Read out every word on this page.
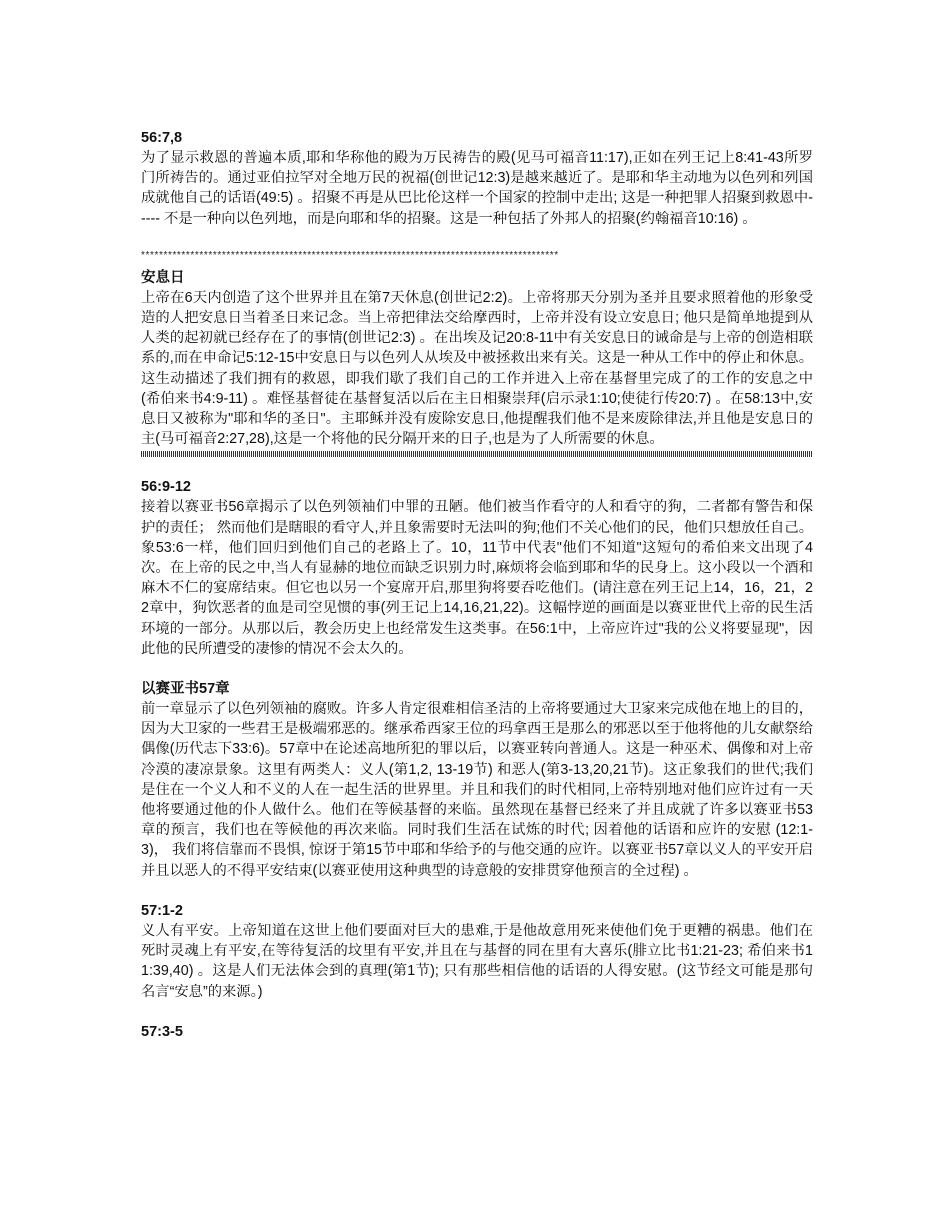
56:7,8

为了显示救恩的普遍本质,耶和华称他的殿为万民祷告的殿(见马可福音11:17),正如在列王记上8:41-43所罗门所祷告的。通过亚伯拉罕对全地万民的祝福(创世记12:3)是越来越近了。是耶和华主动地为以色列和列国成就他自己的话语(49:5) 。招聚不再是从巴比伦这样一个国家的控制中走出; 这是一种把罪人招聚到救恩中----- 不是一种向以色列地，而是向耶和华的招聚。这是一种包括了外邦人的招聚(约翰福音10:16) 。

*********************************************************************************************

安息日

上帝在6天内创造了这个世界并且在第7天休息(创世记2:2)。上帝将那天分别为圣并且要求照着他的形象受造的人把安息日当着圣日来记念。当上帝把律法交给摩西时，上帝并没有设立安息日; 他只是简单地提到从人类的起初就已经存在了的事情(创世记2:3) 。在出埃及记20:8-11中有关安息日的诫命是与上帝的创造相联系的,而在申命记5:12-15中安息日与以色列人从埃及中被拯救出来有关。这是一种从工作中的停止和休息。这生动描述了我们拥有的救恩，即我们歇了我们自己的工作并进入上帝在基督里完成了的工作的安息之中 (希伯来书4:9-11) 。难怪基督徒在基督复活以后在主日相聚崇拜(启示录1:10;使徒行传20:7) 。在58:13中,安息日又被称为"耶和华的圣日"。主耶稣并没有废除安息日,他提醒我们他不是来废除律法,并且他是安息日的主(马可福音2:27,28),这是一个将他的民分隔开来的日子,也是为了人所需要的休息。

56:9-12

接着以赛亚书56章揭示了以色列领袖们中罪的丑陋。他们被当作看守的人和看守的狗，二者都有警告和保护的责任； 然而他们是瞎眼的看守人,并且象需要时无法叫的狗;他们不关心他们的民，他们只想放任自己。象53:6一样，他们回归到他们自己的老路上了。10，11节中代表"他们不知道"这短句的希伯来文出现了4次。在上帝的民之中,当人有显赫的地位而缺乏识别力时,麻烦将会临到耶和华的民身上。这小段以一个酒和麻木不仁的宴席结束。但它也以另一个宴席开启,那里狗将要吞吃他们。(请注意在列王记上14，16，21，22章中，狗饮恶者的血是司空见惯的事(列王记上14,16,21,22)。这幅悖逆的画面是以赛亚世代上帝的民生活环境的一部分。从那以后，教会历史上也经常发生这类事。在56:1中，上帝应许过"我的公义将要显现"，因此他的民所遭受的凄惨的情况不会太久的。

以赛亚书57章

前一章显示了以色列领袖的腐败。许多人肯定很难相信圣洁的上帝将要通过大卫家来完成他在地上的目的，因为大卫家的一些君王是极端邪恶的。继承希西家王位的玛拿西王是那么的邪恶以至于他将他的儿女献祭给偶像(历代志下33:6)。57章中在论述高地所犯的罪以后，以赛亚转向普通人。这是一种巫术、偶像和对上帝冷漠的凄凉景象。这里有两类人：义人(第1,2, 13-19节) 和恶人(第3-13,20,21节)。这正象我们的世代;我们是住在一个义人和不义的人在一起生活的世界里。并且和我们的时代相同,上帝特别地对他们应许过有一天他将要通过他的仆人做什么。他们在等候基督的来临。虽然现在基督已经来了并且成就了许多以赛亚书53章的预言，我们也在等候他的再次来临。同时我们生活在试炼的时代; 因着他的话语和应许的安慰 (12:1-3)， 我们将信靠而不畏惧, 惊讶于第15节中耶和华给予的与他交通的应许。以赛亚书57章以义人的平安开启并且以恶人的不得平安结束(以赛亚使用这种典型的诗意般的安排贯穿他预言的全过程) 。

57:1-2

义人有平安。上帝知道在这世上他们要面对巨大的患难,于是他故意用死来使他们免于更糟的祸患。他们在死时灵魂上有平安,在等待复活的坟里有平安,并且在与基督的同在里有大喜乐(腓立比书1:21-23; 希伯来书11:39,40) 。这是人们无法体会到的真理(第1节); 只有那些相信他的话语的人得安慰。(这节经文可能是那句名言“安息”的来源。)

57:3-5
